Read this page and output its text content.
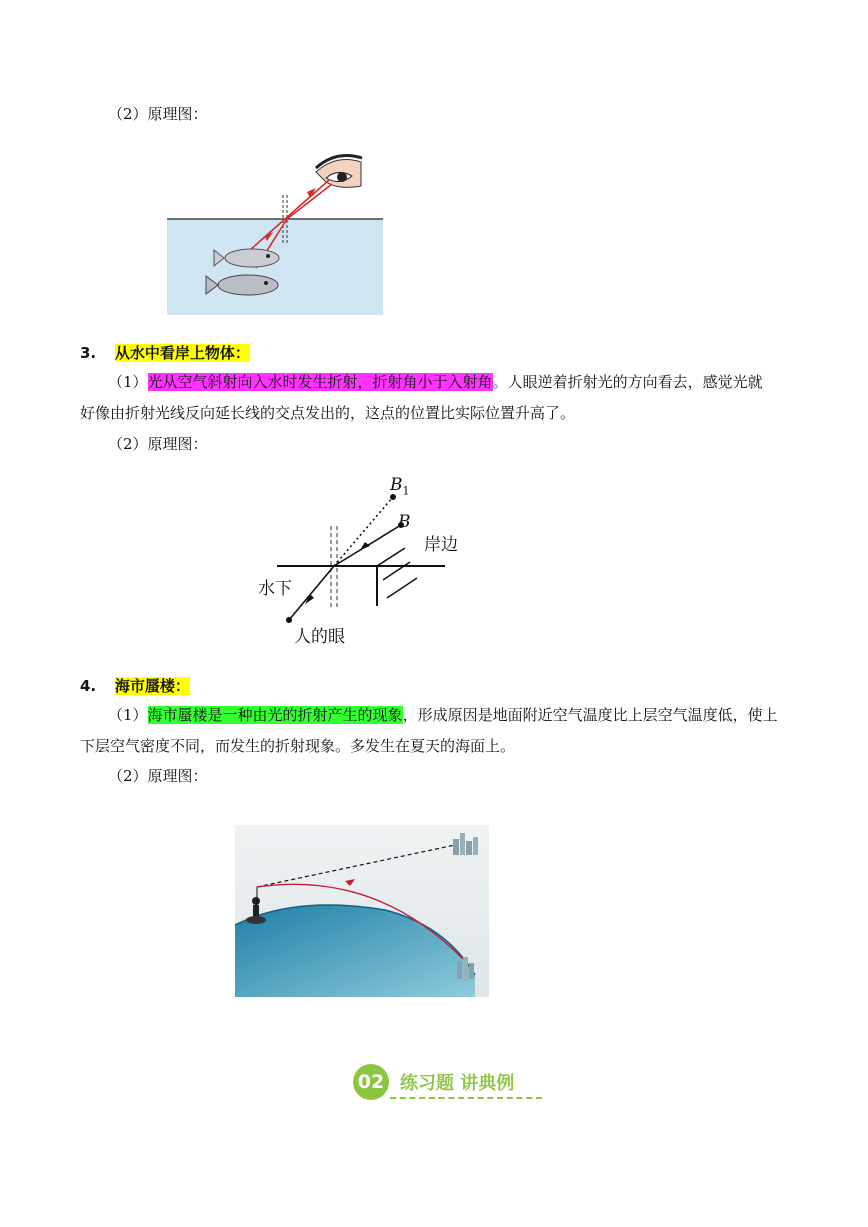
（2）原理图：
3. 从水中看岸上物体：
（1）光从空气斜射向入水时发生折射，折射角小于入射角。人眼逆着折射光的方向看去，感觉光就
好像由折射光线反向延长线的交点发出的，这点的位置比实际位置升高了。
（2）原理图：
$B_1$
B
岸边
水下
人的眼
4. 海市蜃楼：
（1）海市蜃楼是一种由光的折射产生的现象，形成原因是地面附近空气温度比上层空气温度低，使上
下层空气密度不同，而发生的折射现象。多发生在夏天的海面上。
（2）原理图：
02 练习题 讲典例
